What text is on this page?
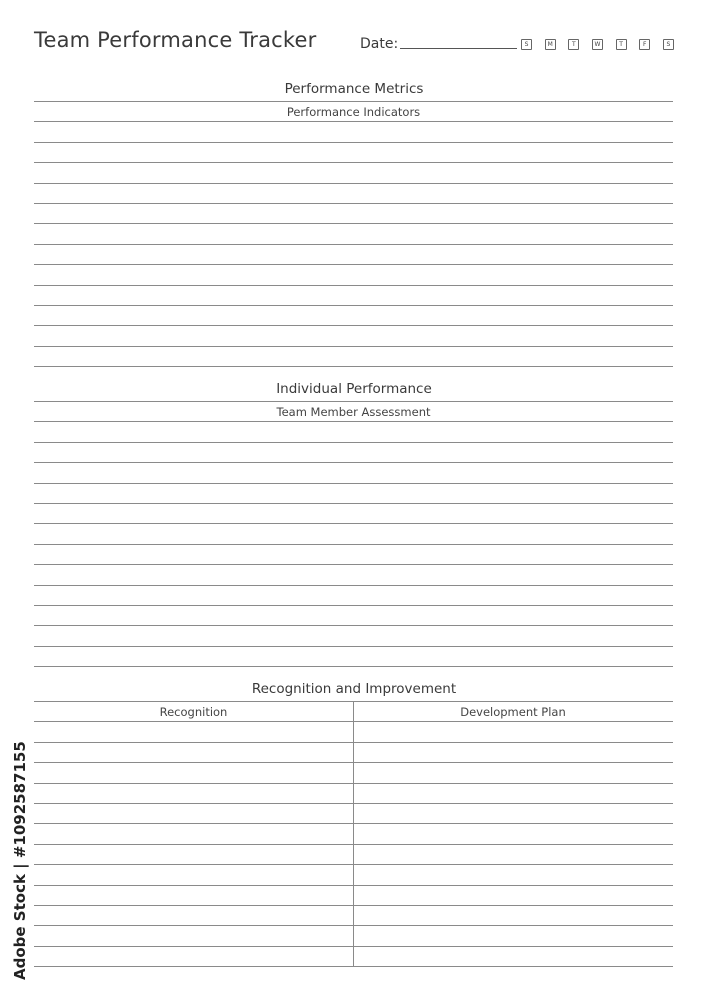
Team Performance Tracker	Date:	S	M	T	W	T	F	S
Performance Metrics
Performance Indicators
Individual Performance
Team Member Assessment
Recognition and Improvement
Recognition	Development Plan
Adobe Stock | #1092587155
